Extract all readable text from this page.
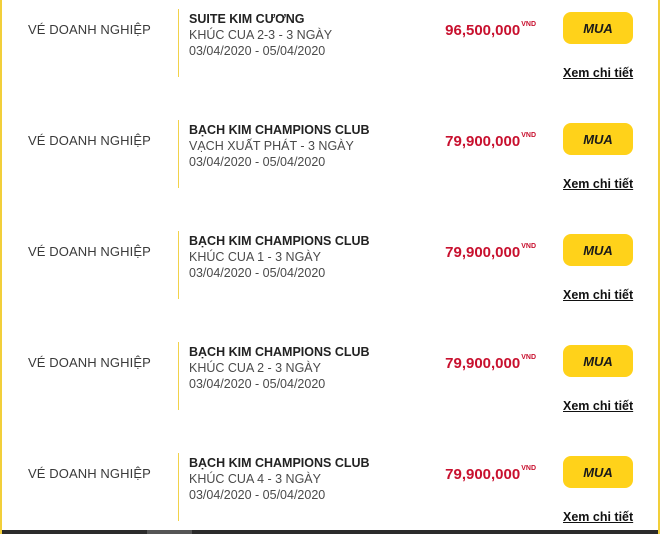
VÉ DOANH NGHIỆP
SUITE KIM CƯƠNG
KHÚC CUA 2-3 - 3 NGÀY
03/04/2020 - 05/04/2020
$96,500,000^{VND}$	MUA
Xem chi tiết
VÉ DOANH NGHIỆP
BẠCH KIM CHAMPIONS CLUB
VẠCH XUẤT PHÁT - 3 NGÀY
03/04/2020 - 05/04/2020
$79,900,000^{VND}$	MUA
Xem chi tiết
VÉ DOANH NGHIỆP
BẠCH KIM CHAMPIONS CLUB
KHÚC CUA 1 - 3 NGÀY
03/04/2020 - 05/04/2020
$79,900,000^{VND}$	MUA
Xem chi tiết
VÉ DOANH NGHIỆP
BẠCH KIM CHAMPIONS CLUB
KHÚC CUA 2 - 3 NGÀY
03/04/2020 - 05/04/2020
$79,900,000^{VND}$	MUA
Xem chi tiết
VÉ DOANH NGHIỆP
BẠCH KIM CHAMPIONS CLUB
KHÚC CUA 4 - 3 NGÀY
03/04/2020 - 05/04/2020
$79,900,000^{VND}$	MUA
Xem chi tiết
